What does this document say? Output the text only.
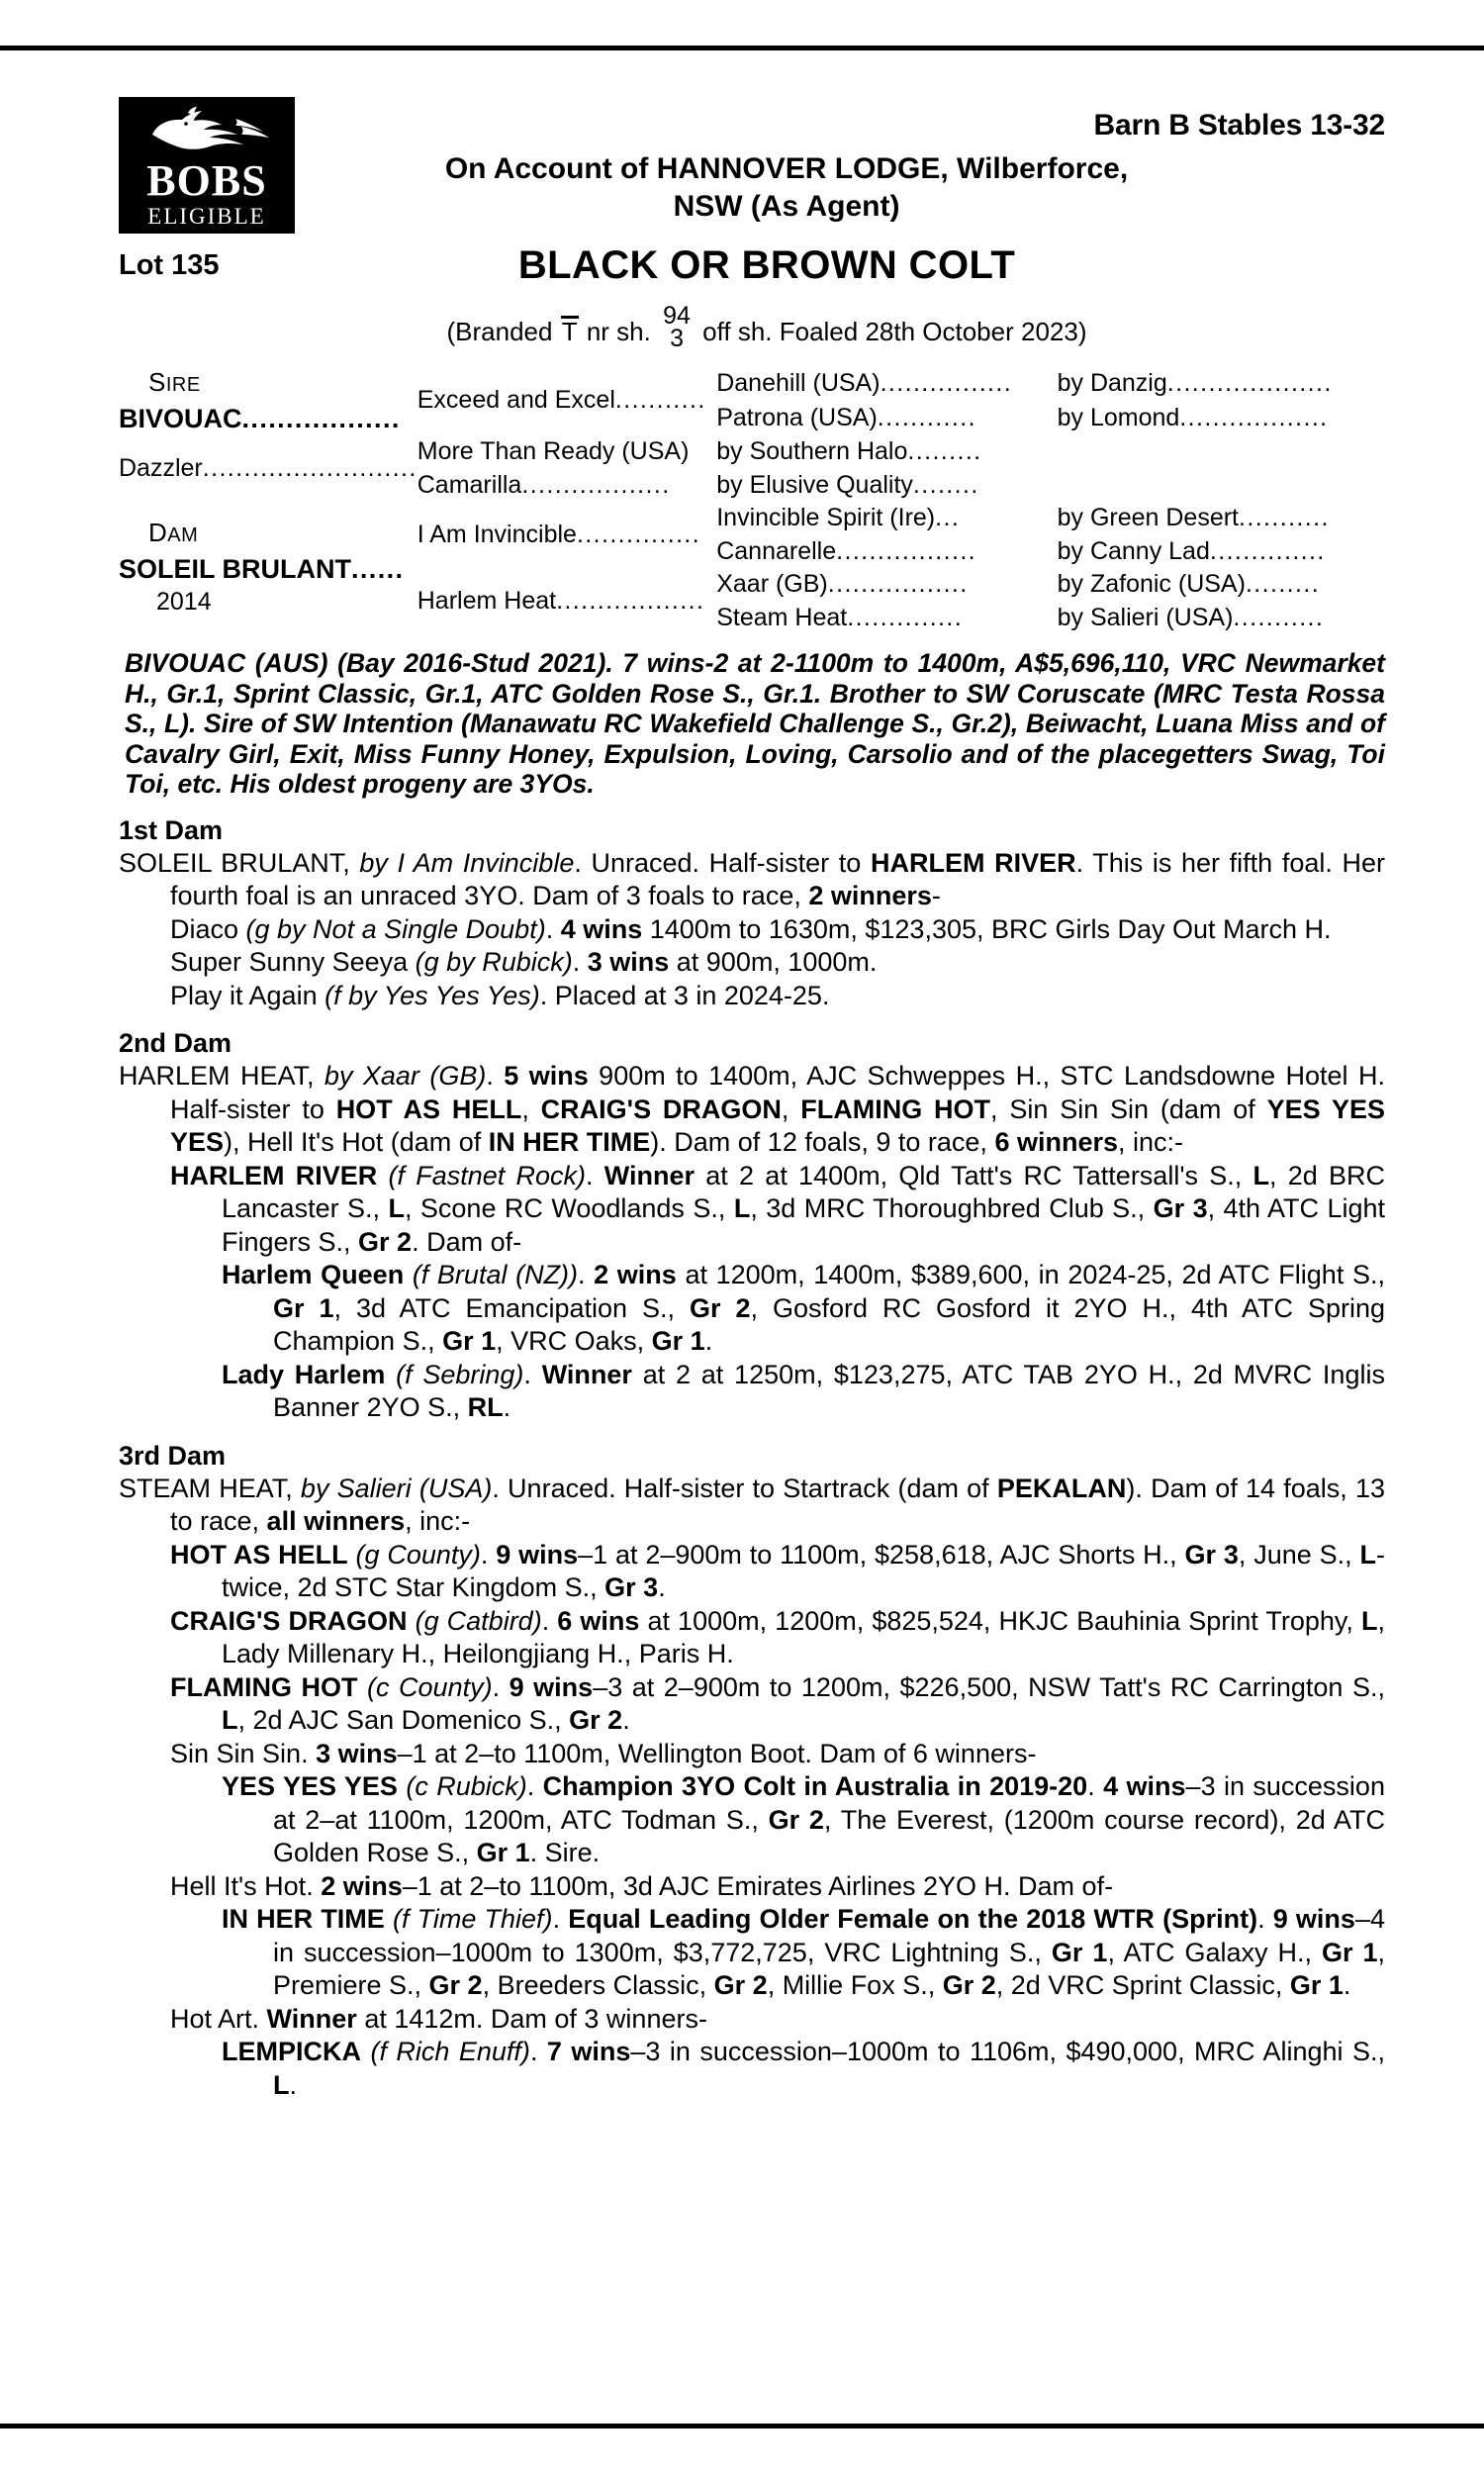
BOBS
ELIGIBLE
Barn B Stables 13-32
On Account of HANNOVER LODGE, Wilberforce,
NSW (As Agent)
Lot 135	BLACK OR BROWN COLT
(Branded T nr sh.
94
3 off sh. Foaled 28th October 2023)
SIRE
BIVOUAC..................	Exceed and Excel...........	Danehill (USA)................	by Danzig....................
		Patrona (USA)............	by Lomond..................
Dazzler..........................	More Than Ready (USA)	by Southern Halo.........	
	Camarilla..................	by Elusive Quality........	

DAM
SOLEIL BRULANT......
2014	I Am Invincible...............	Invincible Spirit (Ire)...	by Green Desert...........
		Cannarelle.................	by Canny Lad..............
	Harlem Heat..................	Xaar (GB).................	by Zafonic (USA).........
		Steam Heat..............	by Salieri (USA)...........
BIVOUAC (AUS) (Bay 2016-Stud 2021). 7 wins-2 at 2-1100m to 1400m, A$5,696,110, VRC Newmarket H., Gr.1, Sprint Classic, Gr.1, ATC Golden Rose S., Gr.1. Brother to SW Coruscate (MRC Testa Rossa S., L). Sire of SW Intention (Manawatu RC Wakefield Challenge S., Gr.2), Beiwacht, Luana Miss and of Cavalry Girl, Exit, Miss Funny Honey, Expulsion, Loving, Carsolio and of the placegetters Swag, Toi Toi, etc. His oldest progeny are 3YOs.
1st Dam
SOLEIL BRULANT, by I Am Invincible. Unraced. Half-sister to HARLEM RIVER. This is her fifth foal. Her fourth foal is an unraced 3YO. Dam of 3 foals to race, 2 winners-
Diaco (g by Not a Single Doubt). 4 wins 1400m to 1630m, $123,305, BRC Girls Day Out March H.
Super Sunny Seeya (g by Rubick). 3 wins at 900m, 1000m.
Play it Again (f by Yes Yes Yes). Placed at 3 in 2024-25.
2nd Dam
HARLEM HEAT, by Xaar (GB). 5 wins 900m to 1400m, AJC Schweppes H., STC Landsdowne Hotel H. Half-sister to HOT AS HELL, CRAIG'S DRAGON, FLAMING HOT, Sin Sin Sin (dam of YES YES YES), Hell It's Hot (dam of IN HER TIME). Dam of 12 foals, 9 to race, 6 winners, inc:-
HARLEM RIVER (f Fastnet Rock). Winner at 2 at 1400m, Qld Tatt's RC Tattersall's S., L, 2d BRC Lancaster S., L, Scone RC Woodlands S., L, 3d MRC Thoroughbred Club S., Gr 3, 4th ATC Light Fingers S., Gr 2. Dam of-
Harlem Queen (f Brutal (NZ)). 2 wins at 1200m, 1400m, $389,600, in 2024-25, 2d ATC Flight S., Gr 1, 3d ATC Emancipation S., Gr 2, Gosford RC Gosford it 2YO H., 4th ATC Spring Champion S., Gr 1, VRC Oaks, Gr 1.
Lady Harlem (f Sebring). Winner at 2 at 1250m, $123,275, ATC TAB 2YO H., 2d MVRC Inglis Banner 2YO S., RL.
3rd Dam
STEAM HEAT, by Salieri (USA). Unraced. Half-sister to Startrack (dam of PEKALAN). Dam of 14 foals, 13 to race, all winners, inc:-
HOT AS HELL (g County). 9 wins–1 at 2–900m to 1100m, $258,618, AJC Shorts H., Gr 3, June S., L-twice, 2d STC Star Kingdom S., Gr 3.
CRAIG'S DRAGON (g Catbird). 6 wins at 1000m, 1200m, $825,524, HKJC Bauhinia Sprint Trophy, L, Lady Millenary H., Heilongjiang H., Paris H.
FLAMING HOT (c County). 9 wins–3 at 2–900m to 1200m, $226,500, NSW Tatt's RC Carrington S., L, 2d AJC San Domenico S., Gr 2.
Sin Sin Sin. 3 wins–1 at 2–to 1100m, Wellington Boot. Dam of 6 winners-
YES YES YES (c Rubick). Champion 3YO Colt in Australia in 2019-20. 4 wins–3 in succession at 2–at 1100m, 1200m, ATC Todman S., Gr 2, The Everest, (1200m course record), 2d ATC Golden Rose S., Gr 1. Sire.
Hell It's Hot. 2 wins–1 at 2–to 1100m, 3d AJC Emirates Airlines 2YO H. Dam of-
IN HER TIME (f Time Thief). Equal Leading Older Female on the 2018 WTR (Sprint). 9 wins–4 in succession–1000m to 1300m, $3,772,725, VRC Lightning S., Gr 1, ATC Galaxy H., Gr 1, Premiere S., Gr 2, Breeders Classic, Gr 2, Millie Fox S., Gr 2, 2d VRC Sprint Classic, Gr 1.
Hot Art. Winner at 1412m. Dam of 3 winners-
LEMPICKA (f Rich Enuff). 7 wins–3 in succession–1000m to 1106m, $490,000, MRC Alinghi S., L.
